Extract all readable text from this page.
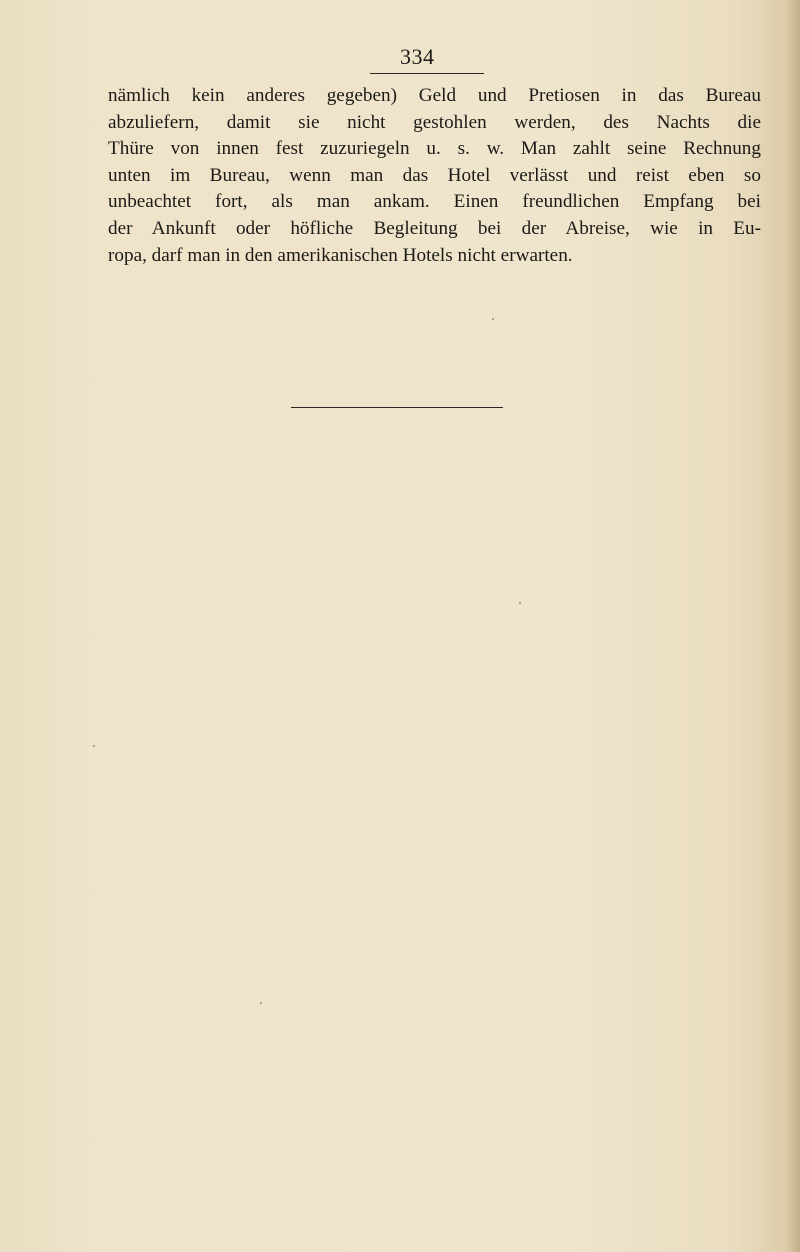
334
nämlich kein anderes gegeben) Geld und Pretiosen in das Bureau
abzuliefern, damit sie nicht gestohlen werden, des Nachts die
Thüre von innen fest zuzuriegeln u. s. w. Man zahlt seine Rechnung
unten im Bureau, wenn man das Hotel verlässt und reist eben so
unbeachtet fort, als man ankam. Einen freundlichen Empfang bei
der Ankunft oder höfliche Begleitung bei der Abreise, wie in Eu-
ropa, darf man in den amerikanischen Hotels nicht erwarten.
